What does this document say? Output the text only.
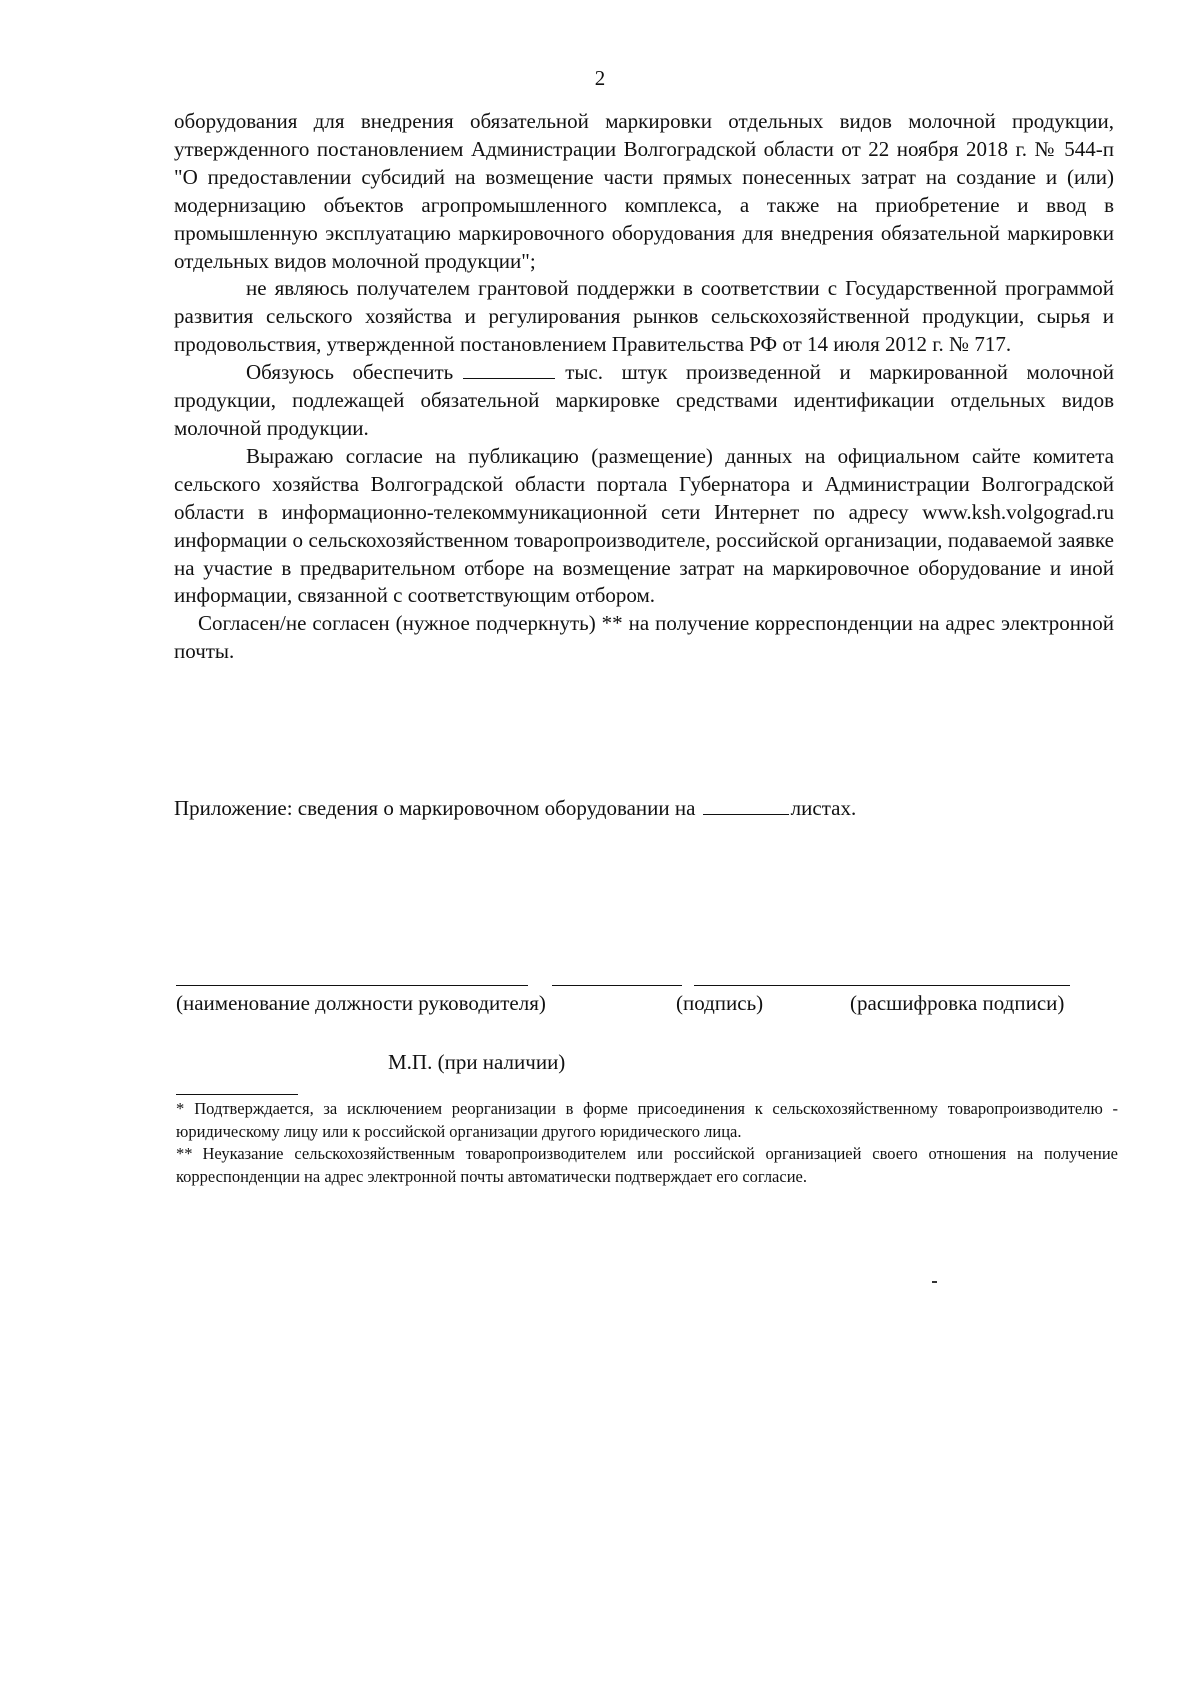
2

оборудования для внедрения обязательной маркировки отдельных видов молочной продукции, утвержденного постановлением Администрации Волгоградской области от 22 ноября 2018 г. № 544-п "О предоставлении субсидий на возмещение части прямых понесенных затрат на создание и (или) модернизацию объектов агропромышленного комплекса, а также на приобретение и ввод в промышленную эксплуатацию маркировочного оборудования для внедрения обязательной маркировки отдельных видов молочной продукции";

не являюсь получателем грантовой поддержки в соответствии с Государственной программой развития сельского хозяйства и регулирования рынков сельскохозяйственной продукции, сырья и продовольствия, утвержденной постановлением Правительства РФ от 14 июля 2012 г. № 717.

Обязуюсь обеспечить	тыс. штук произведенной и маркированной молочной продукции, подлежащей обязательной маркировке средствами идентификации отдельных видов молочной продукции.

Выражаю согласие на публикацию (размещение) данных на официальном сайте комитета сельского хозяйства Волгоградской области портала Губернатора и Администрации Волгоградской области в информационно-телекоммуникационной сети Интернет по адресу www.ksh.volgograd.ru информации о сельскохозяйственном товаропроизводителе, российской организации, подаваемой заявке на участие в предварительном отборе на возмещение затрат на маркировочное оборудование и иной информации, связанной с соответствующим отбором.

Согласен/не согласен (нужное подчеркнуть) ** на получение корреспонденции на адрес электронной почты.

Приложение: сведения о маркировочном оборудовании на	листах.
(наименование должности руководителя)	(подпись)	(расшифровка подписи)
М.П. (при наличии)

* Подтверждается, за исключением реорганизации в форме присоединения к сельскохозяйственному товаропроизводителю - юридическому лицу или к российской организации другого юридического лица.

** Неуказание сельскохозяйственным товаропроизводителем или российской организацией своего отношения на получение корреспонденции на адрес электронной почты автоматически подтверждает его согласие.
